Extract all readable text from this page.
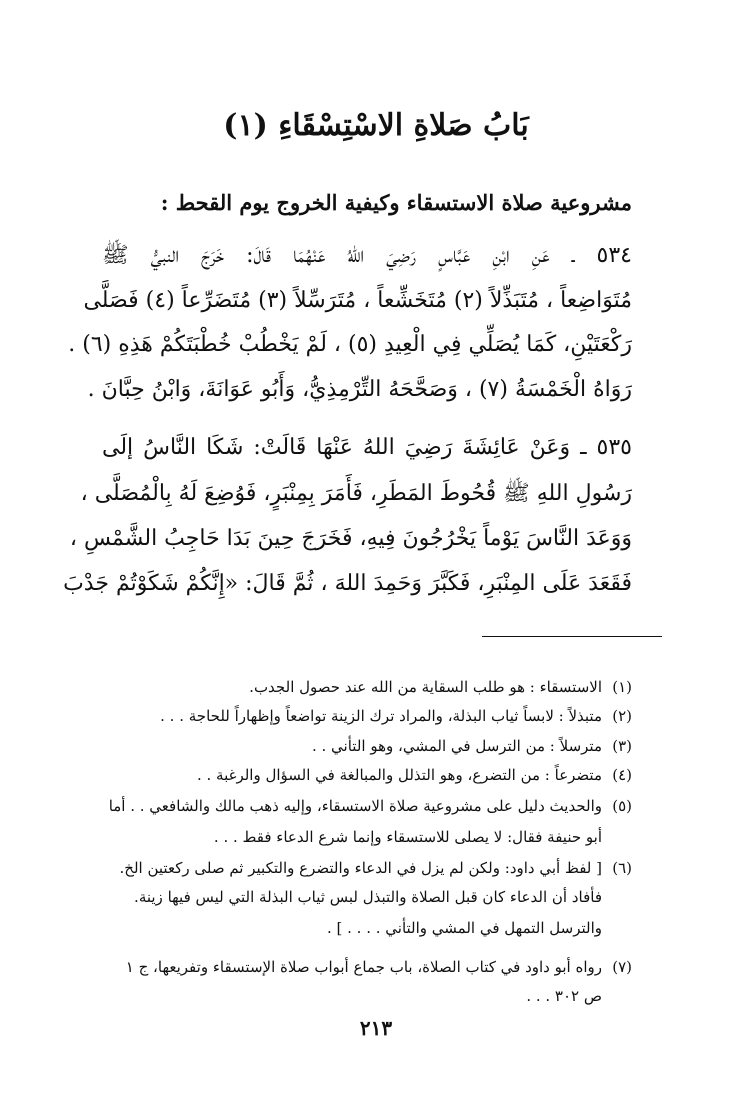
بَابُ صَلاةِ الاسْتِسْقَاءِ (١)
مشروعية صلاة الاستسقاء وكيفية الخروج يوم القحط :
٥٣٤ ـ عَنِ ابْنِ عَبَّاسٍ رَضِيَ اللهُ عَنْهُمَا قَالَ: خَرَجَ النبيُّ ﷺ
مُتَوَاضِعاً ، مُتَبَذِّلاً (٢) مُتَخَشِّعاً ، مُتَرَسِّلاً (٣) مُتَضَرِّعاً (٤) فَصَلَّى
رَكْعَتَيْنِ، كَمَا يُصَلِّي فِي الْعِيدِ (٥) ، لَمْ يَخْطُبْ خُطْبَتَكُمْ هَذِهِ (٦) .
رَوَاهُ الْخَمْسَةُ (٧) ، وَصَحَّحَهُ التِّرْمِذِيُّ، وَأَبُو عَوَانَةَ، وَابْنُ حِبَّانَ .
٥٣٥ ـ وَعَنْ عَائِشَةَ رَضِيَ اللهُ عَنْهَا قَالَتْ: شَكَا النَّاسُ إلَى
رَسُولِ اللهِ ﷺ قُحُوطَ المَطَرِ، فَأَمَرَ بِمِنْبَرٍ، فَوُضِعَ لَهُ بِالْمُصَلَّى ،
وَوَعَدَ النَّاسَ يَوْماً يَخْرُجُونَ فِيهِ، فَخَرَجَ حِينَ بَدَا حَاجِبُ الشَّمْسِ ،
فَقَعَدَ عَلَى المِنْبَرِ، فَكَبَّرَ وَحَمِدَ اللهَ ، ثُمَّ قَالَ: «إِنَّكُمْ شَكَوْتُمْ جَدْبَ
(١)الاستسقاء : هو طلب السقاية من الله عند حصول الجدب.
(٢)متبذلاً : لابساً ثياب البذلة، والمراد ترك الزينة تواضعاً وإظهاراً للحاجة . . .
(٣)مترسلاً : من الترسل في المشي، وهو التأني . .
(٤)متضرعاً : من التضرع، وهو التذلل والمبالغة في السؤال والرغبة . .
(٥)والحديث دليل على مشروعية صلاة الاستسقاء، وإليه ذهب مالك والشافعي . . أما
أبو حنيفة فقال: لا يصلى للاستسقاء وإنما شرع الدعاء فقط . . .
(٦)[ لفظ أبي داود: ولكن لم يزل في الدعاء والتضرع والتكبير ثم صلى ركعتين الخ.
فأفاد أن الدعاء كان قبل الصلاة والتبذل لبس ثياب البذلة التي ليس فيها زينة.
والترسل التمهل في المشي والتأني . . . . ] .
(٧)رواه أبو داود في كتاب الصلاة، باب جماع أبواب صلاة الإستسقاء وتفريعها، ج ١
ص ٣٠٢ . . .
٢١٣
